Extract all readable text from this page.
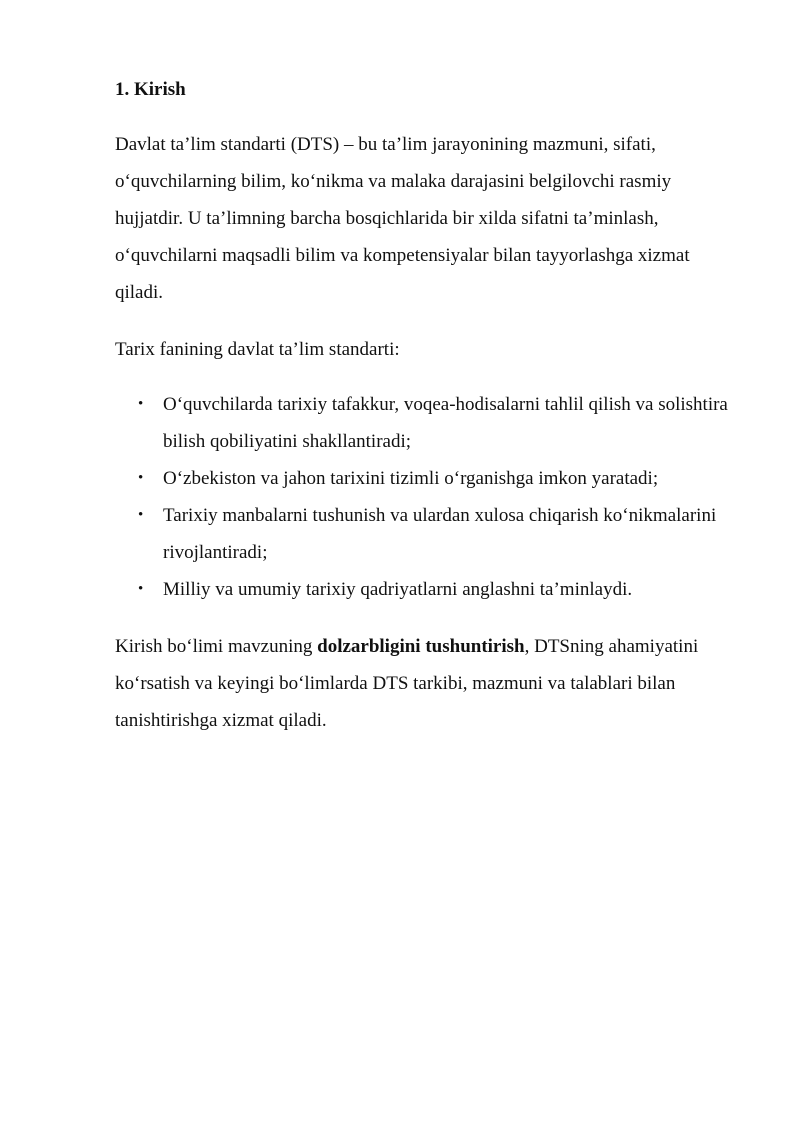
1. Kirish

Davlat ta’lim standarti (DTS) – bu ta’lim jarayonining mazmuni, sifati, o‘quvchilarning bilim, ko‘nikma va malaka darajasini belgilovchi rasmiy hujjatdir. U ta’limning barcha bosqichlarida bir xilda sifatni ta’minlash, o‘quvchilarni maqsadli bilim va kompetensiyalar bilan tayyorlashga xizmat qiladi.

Tarix fanining davlat ta’lim standarti:

• O‘quvchilarda tarixiy tafakkur, voqea-hodisalarni tahlil qilish va solishtira bilish qobiliyatini shakllantiradi;
• O‘zbekiston va jahon tarixini tizimli o‘rganishga imkon yaratadi;
• Tarixiy manbalarni tushunish va ulardan xulosa chiqarish ko‘nikmalarini rivojlantiradi;
• Milliy va umumiy tarixiy qadriyatlarni anglashni ta’minlaydi.

Kirish bo‘limi mavzuning dolzarbligini tushuntirish, DTSning ahamiyatini ko‘rsatish va keyingi bo‘limlarda DTS tarkibi, mazmuni va talablari bilan tanishtirishga xizmat qiladi.
